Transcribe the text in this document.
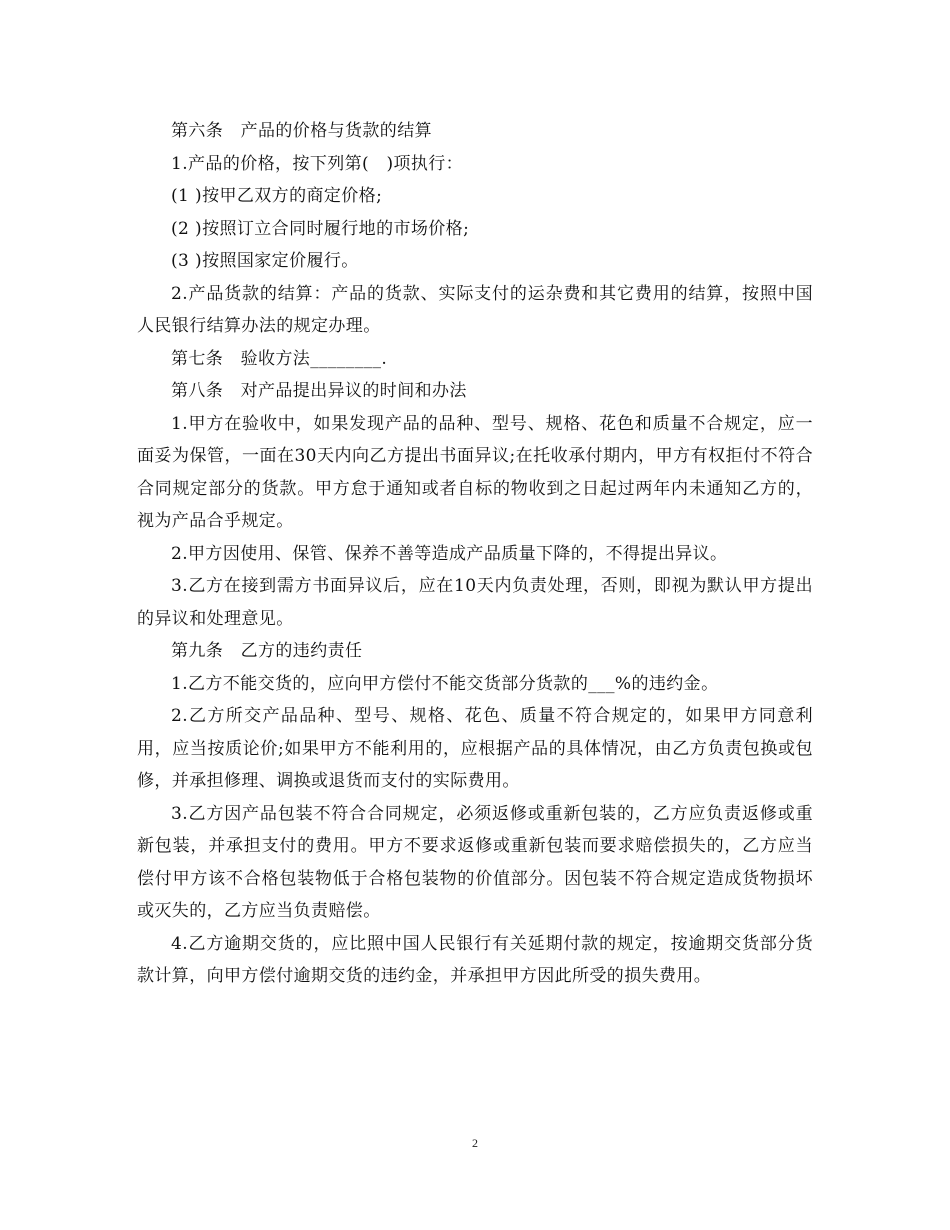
第六条　产品的价格与货款的结算

1.产品的价格，按下列第(　)项执行：

(1 )按甲乙双方的商定价格;

(2 )按照订立合同时履行地的市场价格;

(3 )按照国家定价履行。

2.产品货款的结算：产品的货款、实际支付的运杂费和其它费用的结算，按照中国人民银行结算办法的规定办理。

第七条　验收方法________.

第八条　对产品提出异议的时间和办法

1.甲方在验收中，如果发现产品的品种、型号、规格、花色和质量不合规定，应一面妥为保管，一面在30天内向乙方提出书面异议;在托收承付期内，甲方有权拒付不符合合同规定部分的货款。甲方怠于通知或者自标的物收到之日起过两年内未通知乙方的，视为产品合乎规定。

2.甲方因使用、保管、保养不善等造成产品质量下降的，不得提出异议。

3.乙方在接到需方书面异议后，应在10天内负责处理，否则，即视为默认甲方提出的异议和处理意见。

第九条　乙方的违约责任

1.乙方不能交货的，应向甲方偿付不能交货部分货款的___%的违约金。

2.乙方所交产品品种、型号、规格、花色、质量不符合规定的，如果甲方同意利用，应当按质论价;如果甲方不能利用的，应根据产品的具体情况，由乙方负责包换或包修，并承担修理、调换或退货而支付的实际费用。

3.乙方因产品包装不符合合同规定，必须返修或重新包装的，乙方应负责返修或重新包装，并承担支付的费用。甲方不要求返修或重新包装而要求赔偿损失的，乙方应当偿付甲方该不合格包装物低于合格包装物的价值部分。因包装不符合规定造成货物损坏或灭失的，乙方应当负责赔偿。

4.乙方逾期交货的，应比照中国人民银行有关延期付款的规定，按逾期交货部分货款计算，向甲方偿付逾期交货的违约金，并承担甲方因此所受的损失费用。

2
